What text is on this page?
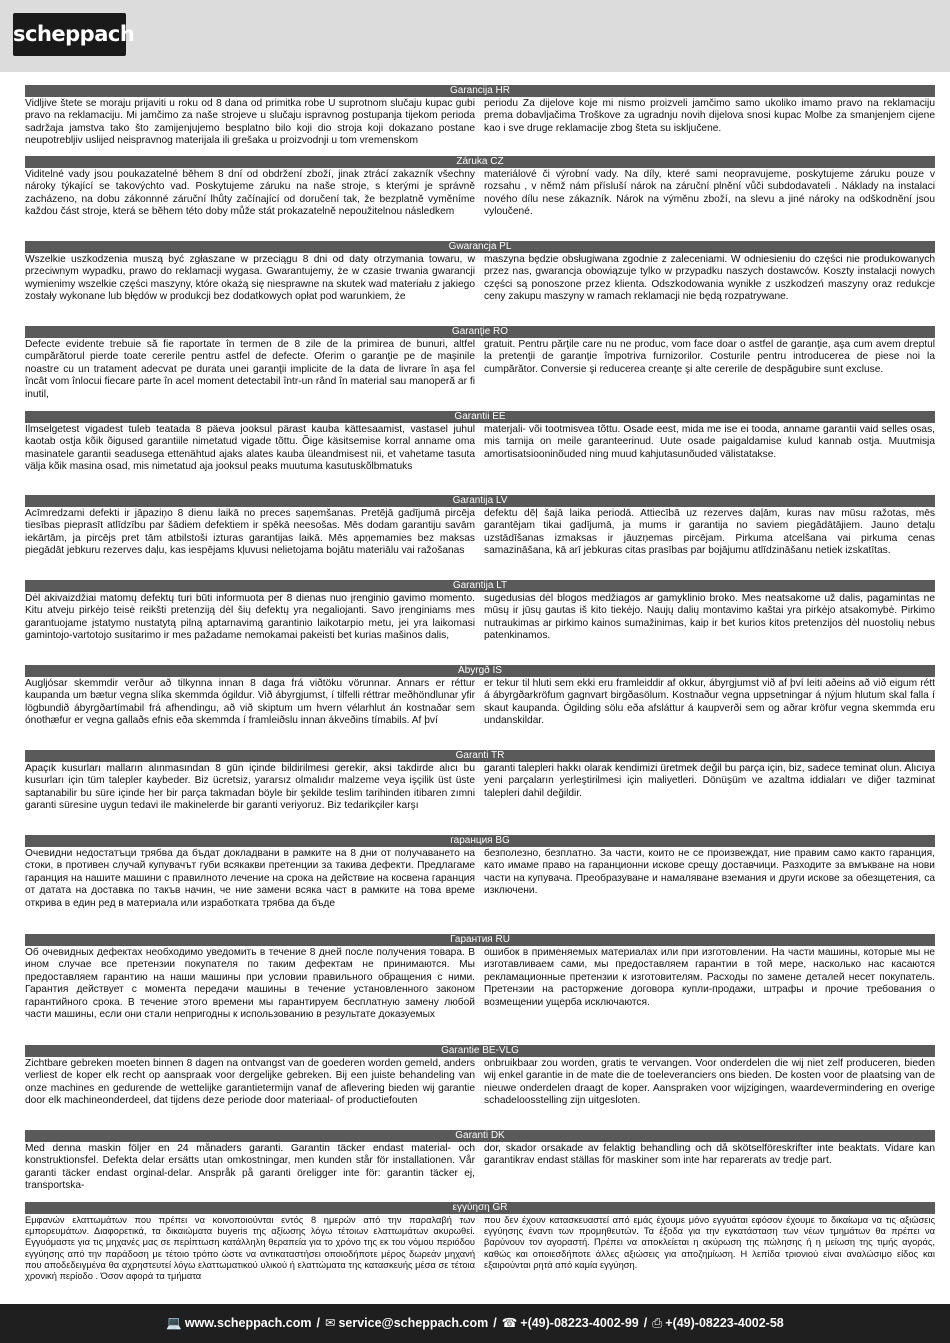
scheppach
Garancija HR
Vidljive štete se moraju prijaviti u roku od 8 dana od primitka robe U suprotnom slučaju kupac gubi pravo na reklamaciju. Mi jamčimo za naše strojeve u slučaju ispravnog postupanja tijekom perioda sadržaja jamstva tako što zamijenjujemo besplatno bilo koji dio stroja koji dokazano postane neupotrebljiv uslijed neispravnog materijala ili grešaka u proizvodnji u tom vremenskom
periodu Za dijelove koje mi nismo proizveli jamčimo samo ukoliko imamo pravo na reklamaciju prema dobavljačima Troškove za ugradnju novih dijelova snosi kupac Molbe za smanjenjem cijene kao i sve druge reklamacije zbog šteta su isključene.
Záruka CZ
Viditelné vady jsou poukazatelné během 8 dní od obdržení zboží, jinak ztrácí zakazník všechny nároky týkající se takovýchto vad. Poskytujeme záruku na naše stroje, s kterými je správně zacházeno, na dobu zákonnné záruční lhůty začínající od doručení tak, že bezplatně vyměníme každou část stroje, která se během této doby může stát prokazatelně nepoužitelnou následkem
materiálové či výrobní vady. Na díly, které sami neopravujeme, poskytujeme záruku pouze v rozsahu , v němž nám přísluší nárok na záruční plnění vůči subdodavateli . Náklady na instalaci nového dílu nese zákazník. Nárok na výměnu zboží, na slevu a jiné nároky na odškodnění jsou vyloučené.
Gwarancja PL
Wszelkie uszkodzenia muszą być zgłaszane w przeciągu 8 dni od daty otrzymania towaru, w przeciwnym wypadku, prawo do reklamacji wygasa. Gwarantujemy, że w czasie trwania gwarancji wymienimy wszelkie części maszyny, które okażą się niesprawne na skutek wad materiału z jakiego zostały wykonane lub błędów w produkcji bez dodatkowych opłat pod warunkiem, że
maszyna będzie obsługiwana zgodnie z zaleceniami. W odniesieniu do części nie produkowanych przez nas, gwarancja obowiązuje tylko w przypadku naszych dostawców. Koszty instalacji nowych części są ponoszone przez klienta. Odszkodowania wynikłe z uszkodzeń maszyny oraz redukcje ceny zakupu maszyny w ramach reklamacji nie będą rozpatrywane.
Garanţie RO
Defecte evidente trebuie să fie raportate în termen de 8 zile de la primirea de bunuri, altfel cumpărătorul pierde toate cererile pentru astfel de defecte. Oferim o garanţie pe de maşinile noastre cu un tratament adecvat pe durata unei garanţii implicite de la data de livrare în aşa fel încât vom înlocui fiecare parte în acel moment detectabil într-un rând în material sau manoperă ar fi inutil,
gratuit. Pentru părţile care nu ne produc, vom face doar o astfel de garanţie, aşa cum avem dreptul la pretenţii de garanţie împotriva furnizorilor. Costurile pentru introducerea de piese noi la cumpărător. Conversie şi reducerea creanţe şi alte cererile de despăgubire sunt excluse.
Garantii EE
Ilmselgetest vigadest tuleb teatada 8 päeva jooksul pärast kauba kättesaamist, vastasel juhul kaotab ostja kõik õigused garantiile nimetatud vigade tõttu. Õige käsitsemise korral anname oma masinatele garantii seadusega ettenähtud ajaks alates kauba üleandmisest nii, et vahetame tasuta välja kõik masina osad, mis nimetatud aja jooksul peaks muutuma kasutuskõlbmatuks
materjali- või tootmisvea tõttu. Osade eest, mida me ise ei tooda, anname garantii vaid selles osas, mis tarnija on meile garanteerinud. Uute osade paigaldamise kulud kannab ostja. Muutmisja amortisatsiooninõuded ning muud kahjutasunõuded välistatakse.
Garantija LV
Acīmredzami defekti ir jāpaziņo 8 dienu laikā no preces saņemšanas. Pretējā gadījumā pircēja tiesības pieprasīt atlīdzību par šādiem defektiem ir spēkā neesošas. Mēs dodam garantiju savām iekārtām, ja pircējs pret tām atbilstoši izturas garantijas laikā. Mēs apņemamies bez maksas piegādāt jebkuru rezerves daļu, kas iespējams kļuvusi nelietojama bojātu materiālu vai ražošanas
defektu dēļ šajā laika periodā. Attiecībā uz rezerves daļām, kuras nav mūsu ražotas, mēs garantējam tikai gadījumā, ja mums ir garantija no saviem piegādātājiem. Jauno detaļu uzstādīšanas izmaksas ir jāuzņemas pircējam. Pirkuma atcelšana vai pirkuma cenas samazināšana, kā arī jebkuras citas prasības par bojājumu atlīdzināšanu netiek izskatītas.
Garantija LT
Dėl akivaizdžiai matomų defektų turi būti informuota per 8 dienas nuo įrenginio gavimo momento. Kitu atveju pirkėjo teisė reikšti pretenziją dėl šių defektų yra negaliojanti. Savo įrenginiams mes garantuojame įstatymo nustatytą pilną aptarnavimą garantinio laikotarpio metu, jei yra laikomasi gamintojo-vartotojo susitarimo ir mes pažadame nemokamai pakeisti bet kurias mašinos dalis,
sugedusias dėl blogos medžiagos ar gamyklinio broko. Mes neatsakome už dalis, pagamintas ne mūsų ir jūsų gautas iš kito tiekėjo. Naujų dalių montavimo kaštai yra pirkėjo atsakomybė. Pirkimo nutraukimas ar pirkimo kainos sumažinimas, kaip ir bet kurios kitos pretenzijos dėl nuostolių nebus patenkinamos.
Ábyrgð IS
Augljósar skemmdir verður að tilkynna innan 8 daga frá viðtöku vörunnar. Annars er réttur kaupanda um bætur vegna slíka skemmda ógildur. Við ábyrgjumst, í tilfelli réttrar meðhöndlunar yfir lögbundið ábyrgðartímabil frá afhendingu, að við skiptum um hvern vélarhlut án kostnaðar sem ónothæfur er vegna gallaðs efnis eða skemmda í framleiðslu innan ákveðins tímabils. Af því
er tekur til hluti sem ekki eru framleiddir af okkur, ábyrgjumst við af því leiti aðeins að við eigum rétt á ábyrgðarkröfum gagnvart birgðasölum. Kostnaður vegna uppsetningar á nýjum hlutum skal falla í skaut kaupanda. Ógilding sölu eða afsláttur á kaupverði sem og aðrar kröfur vegna skemmda eru undanskildar.
Garanti TR
Apaçık kusurları malların alınmasından 8 gün içinde bildirilmesi gerekir, aksi takdirde alıcı bu kusurları için tüm talepler kaybeder. Biz ücretsiz, yararsız olmalıdır malzeme veya işçilik üst üste saptanabilir bu süre içinde her bir parça takmadan böyle bir şekilde teslim tarihinden itibaren zımni garanti süresine uygun tedavi ile makinelerde bir garanti veriyoruz. Biz tedarikçiler karşı
garanti talepleri hakkı olarak kendimizi üretmek değil bu parça için, biz, sadece teminat olun. Alıcıya yeni parçaların yerleştirilmesi için maliyetleri. Dönüşüm ve azaltma iddiaları ve diğer tazminat talepleri dahil değildir.
гаранция BG
Очевидни недостатъци трябва да бъдат докладвани в рамките на 8 дни от получаването на стоки, в противен случай купувачът губи всякакви претенции за такива дефекти. Предлагаме гаранция на нашите машини с правилното лечение на срока на действие на косвена гаранция от датата на доставка по такъв начин, че ние замени всяка част в рамките на това време открива в един ред в материала или изработката трябва да бъде
безполезно, безплатно. За части, които не се произвеждат, ние правим само както гаранция, като имаме право на гаранционни искове срещу доставчици. Разходите за вмъкване на нови части на купувача. Преобразуване и намаляване вземания и други искове за обезщетения, са изключени.
Гарантия RU
Об очевидных дефектах необходимо уведомить в течение 8 дней после получения товара. В ином случае все претензии покупателя по таким дефектам не принимаются. Мы предоставляем гарантию на наши машины при условии правильного обращения с ними. Гарантия действует с момента передачи машины в течение установленного законом гарантийного срока. В течение этого времени мы гарантируем бесплатную замену любой части машины, если они стали непригодны к использованию в результате доказуемых
ошибок в применяемых материалах или при изготовлении. На части машины, которые мы не изготавливаем сами, мы предоставляем гарантии в той мере, насколько нас касаются рекламационные претензии к изготовителям. Расходы по замене деталей несет покупатель. Претензии на расторжение договора купли-продажи, штрафы и прочие требования о возмещении ущерба исключаются.
Garantie BE-VLG
Zichtbare gebreken moeten binnen 8 dagen na ontvangst van de goederen worden gemeld, anders verliest de koper elk recht op aanspraak voor dergelijke gebreken. Bij een juiste behandeling van onze machines en gedurende de wettelijke garantietermijn vanaf de aflevering bieden wij garantie door elk machineonderdeel, dat tijdens deze periode door materiaal- of productiefouten
onbruikbaar zou worden, gratis te vervangen. Voor onderdelen die wij niet zelf produceren, bieden wij enkel garantie in de mate die de toeleveranciers ons bieden. De kosten voor de plaatsing van de nieuwe onderdelen draagt de koper. Aanspraken voor wijzigingen, waardevermindering en overige schadeloosstelling zijn uitgesloten.
Garanti DK
Med denna maskin följer en 24 månaders garanti. Garantin täcker endast material- och konstruktionsfel. Defekta delar ersätts utan omkostningar, men kunden står för installationen. Vår garanti täcker endast orginal-delar. Anspråk på garanti öreligger inte för: garantin täcker ej, transportska-
dor, skador orsakade av felaktig behandling och då skötselföreskrifter inte beaktats. Vidare kan garantikrav endast ställas för maskiner som inte har reparerats av tredje part.
εγγύηση GR
Εμφανών ελαττωμάτων που πρέπει να κοινοποιούνται εντός 8 ημερών από την παραλαβή των εμπορευμάτων. Διαφορετικά, τα δικαιώματα buyeris της αξίωσης λόγω τέτοιων ελαττωμάτων ακυρωθεί. Εγγυόμαστε για τις μηχανές μας σε περίπτωση κατάλληλη θεραπεία για το χρόνο της εκ του νόμου περιόδου εγγύησης από την παράδοση με τέτοιο τρόπο ώστε να αντικαταστήσει οποιοδήποτε μέρος δωρεάν μηχανή που αποδεδειγμένα θα αχρηστευτεί λόγω ελαττωματικού υλικού ή ελαττώματα της κατασκευής μέσα σε τέτοια χρονική περίοδο . Όσον αφορά τα τμήματα
που δεν έχουν κατασκευαστεί από εμάς έχουμε μόνο εγγυάται εφόσον έχουμε το δικαίωμα να τις αξιώσεις εγγύησης έναντι των προμηθευτών. Τα έξοδα για την εγκατάσταση των νέων τμημάτων θα πρέπει να βαρύνουν τον αγοραστή. Πρέπει να αποκλείεται η ακύρωση της πώλησης ή η μείωση της τιμής αγοράς, καθώς και οποιεσδήποτε άλλες αξιώσεις για αποζημίωση. Η λεπίδα τριονιού είναι αναλώσιμο είδος και εξαιρούνται ρητά από καμία εγγύηση.
💻 www.scheppach.com / ✉ service@scheppach.com / ☎ +(49)-08223-4002-99 / ⎙ +(49)-08223-4002-58
